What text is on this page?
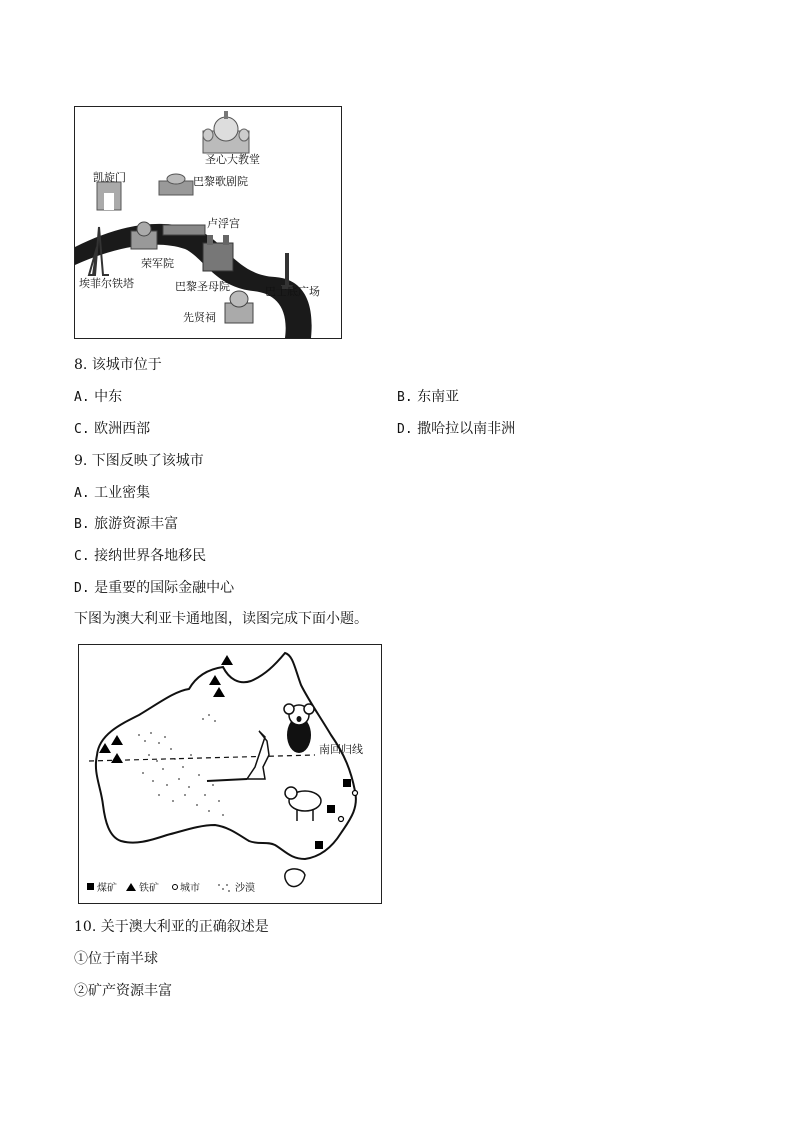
圣心大教堂
凯旋门	巴黎歌剧院
卢浮宫
埃菲尔铁塔
荣军院
巴黎圣母院	巴士底广场
先贤祠
8. 该城市位于
A. 中东	B. 东南亚
C. 欧洲西部	D. 撒哈拉以南非洲
9. 下图反映了该城市
A. 工业密集
B. 旅游资源丰富
C. 接纳世界各地移民
D. 是重要的国际金融中心
下图为澳大利亚卡通地图，读图完成下面小题。
南回归线
煤矿 铁矿 城市	沙漠
10. 关于澳大利亚的正确叙述是
①位于南半球
②矿产资源丰富
